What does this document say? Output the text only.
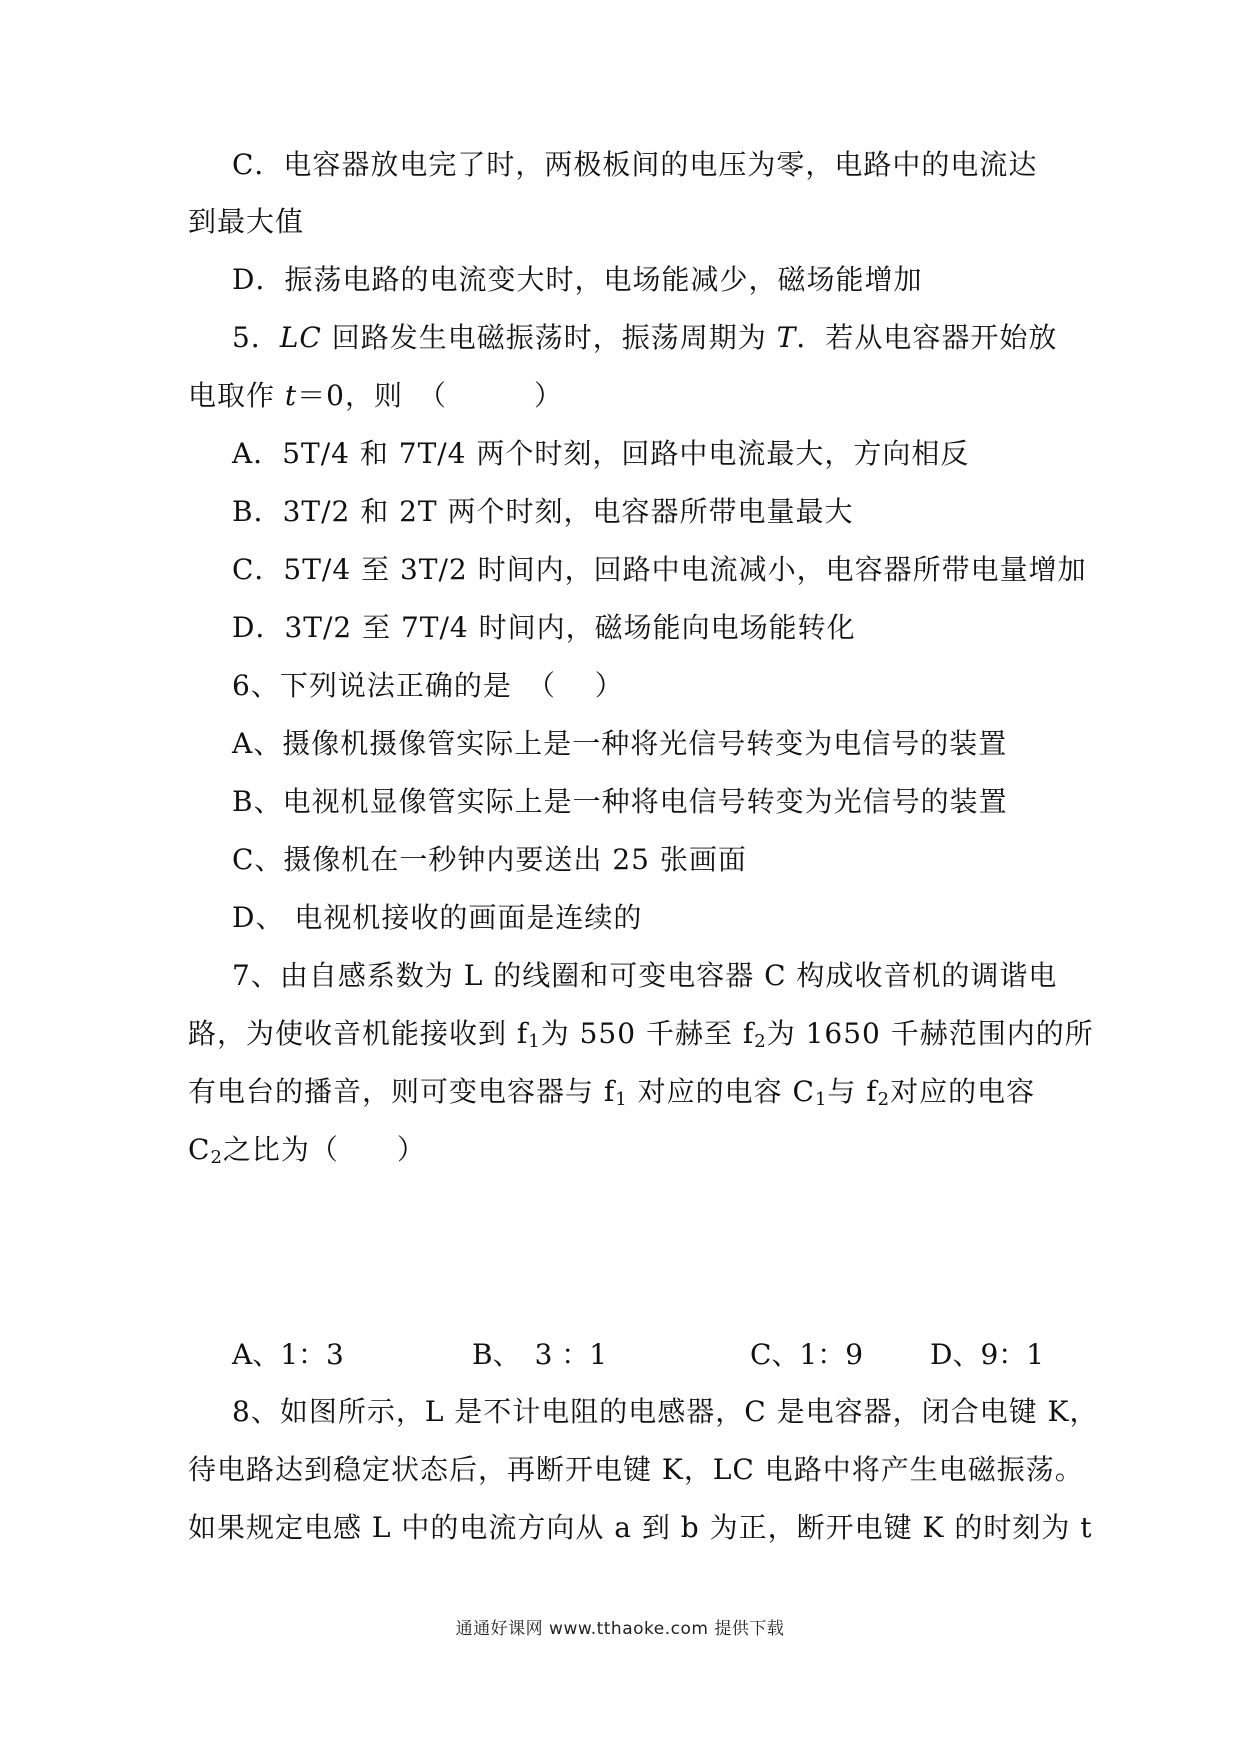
C．电容器放电完了时，两极板间的电压为零，电路中的电流达
到最大值
D．振荡电路的电流变大时，电场能减少，磁场能增加
5．LC 回路发生电磁振荡时，振荡周期为 T．若从电容器开始放
电取作 t＝0，则　（　　　）
A．5T/4 和 7T/4 两个时刻，回路中电流最大，方向相反
B．3T/2 和 2T 两个时刻，电容器所带电量最大
C．5T/4 至 3T/2 时间内，回路中电流减小，电容器所带电量增加
D．3T/2 至 7T/4 时间内，磁场能向电场能转化
6、下列说法正确的是　（　 ）
A、摄像机摄像管实际上是一种将光信号转变为电信号的装置
B、电视机显像管实际上是一种将电信号转变为光信号的装置
C、摄像机在一秒钟内要送出 25 张画面
D、 电视机接收的画面是连续的
7、由自感系数为 L 的线圈和可变电容器 C 构成收音机的调谐电
路，为使收音机能接收到 $f_1$为 550 千赫至 $f_2$为 1650 千赫范围内的所
有电台的播音，则可变电容器与 $f_1$ 对应的电容 $C_1$与 $f_2$对应的电容
$C_2$之比为（　　）
A、1：3	B、　3 ：1	C、1：9 D、9：1
8、如图所示，L 是不计电阻的电感器，C 是电容器，闭合电键 K，
待电路达到稳定状态后，再断开电键 K，LC 电路中将产生电磁振荡。
如果规定电感 L 中的电流方向从 a 到 b 为正，断开电键 K 的时刻为 t
通通好课网 www.tthaoke.com 提供下载
